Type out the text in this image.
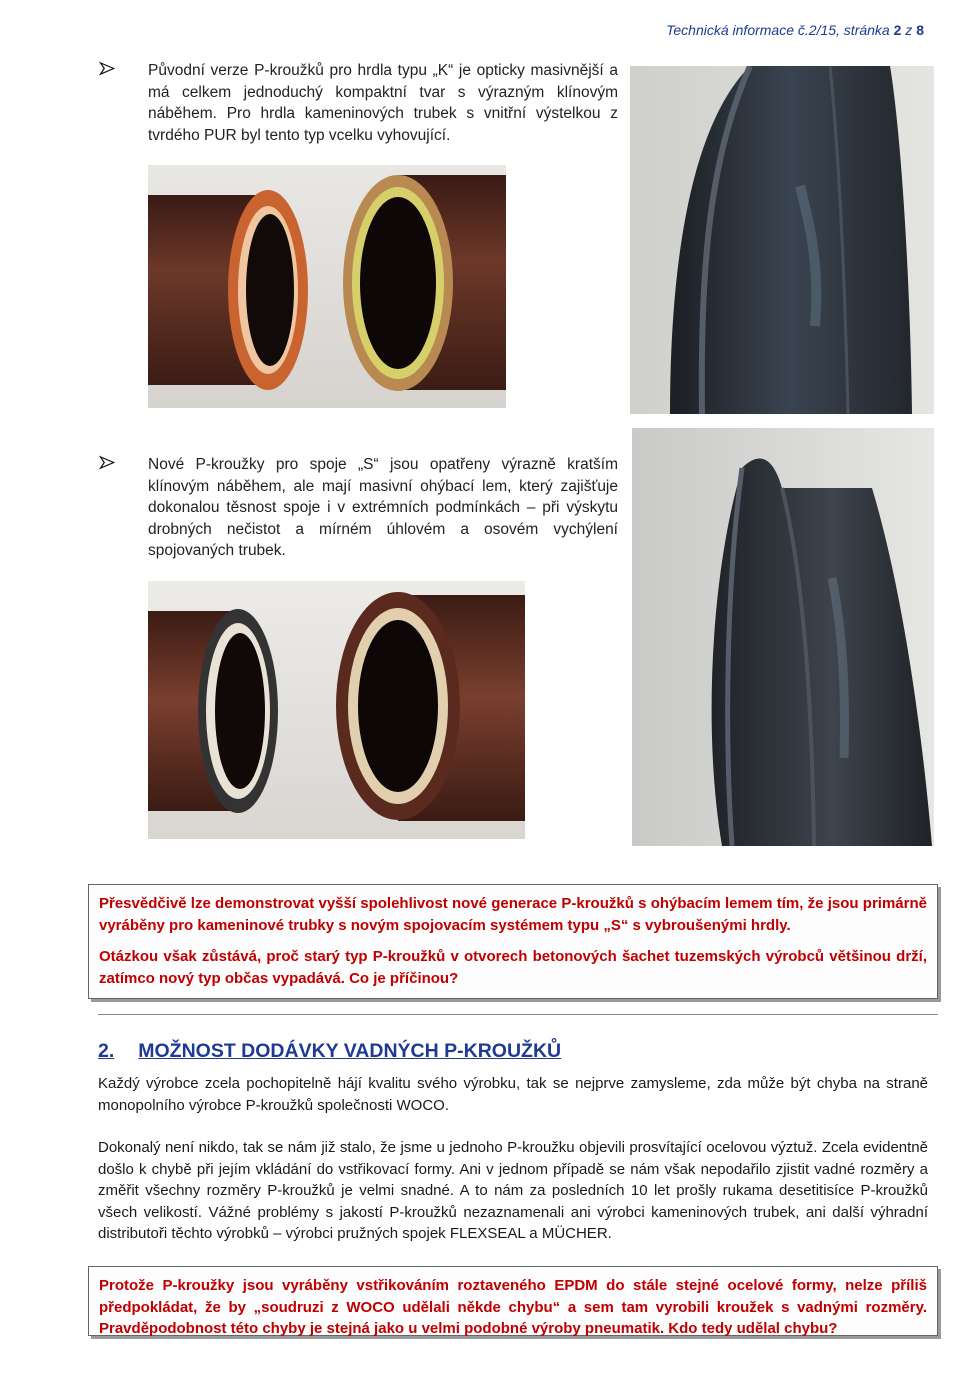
Technická informace č.2/15, stránka 2 z 8
Původní verze P-kroužků pro hrdla typu „K“ je opticky masivnější a má celkem jednoduchý kompaktní tvar s výrazným klínovým náběhem. Pro hrdla kameninových trubek s vnitřní výstelkou z tvrdého PUR byl tento typ vcelku vyhovující.
Nové P-kroužky pro spoje „S“ jsou opatřeny výrazně kratším klínovým náběhem, ale mají masivní ohýbací lem, který zajišťuje dokonalou těsnost spoje i v extrémních podmínkách – při výskytu drobných nečistot a mírném úhlovém a osovém vychýlení spojovaných trubek.

Přesvědčivě lze demonstrovat vyšší spolehlivost nové generace P-kroužků s ohýbacím lemem tím, že jsou primárně vyráběny pro kameninové trubky s novým spojovacím systémem typu „S“ s vybroušenými hrdly.

Otázkou však zůstává, proč starý typ P-kroužků v otvorech betonových šachet tuzemských výrobců většinou drží, zatímco nový typ občas vypadává. Co je příčinou?

2. MOŽNOST DODÁVKY VADNÝCH P-KROUŽKŮ

Každý výrobce zcela pochopitelně hájí kvalitu svého výrobku, tak se nejprve zamysleme, zda může být chyba na straně monopolního výrobce P-kroužků společnosti WOCO.

Dokonalý není nikdo, tak se nám již stalo, že jsme u jednoho P-kroužku objevili prosvítající ocelovou výztuž. Zcela evidentně došlo k chybě při jejím vkládání do vstřikovací formy. Ani v jednom případě se nám však nepodařilo zjistit vadné rozměry a změřit všechny rozměry P-kroužků je velmi snadné. A to nám za posledních 10 let prošly rukama desetitisíce P-kroužků všech velikostí. Vážné problémy s jakostí P-kroužků nezaznamenali ani výrobci kameninových trubek, ani další výhradní distributoři těchto výrobků – výrobci pružných spojek FLEXSEAL a MÜCHER.

Protože P-kroužky jsou vyráběny vstřikováním roztaveného EPDM do stále stejné ocelové formy, nelze příliš předpokládat, že by „soudruzi z WOCO udělali někde chybu“ a sem tam vyrobili kroužek s vadnými rozměry. Pravděpodobnost této chyby je stejná jako u velmi podobné výroby pneumatik. Kdo tedy udělal chybu?
